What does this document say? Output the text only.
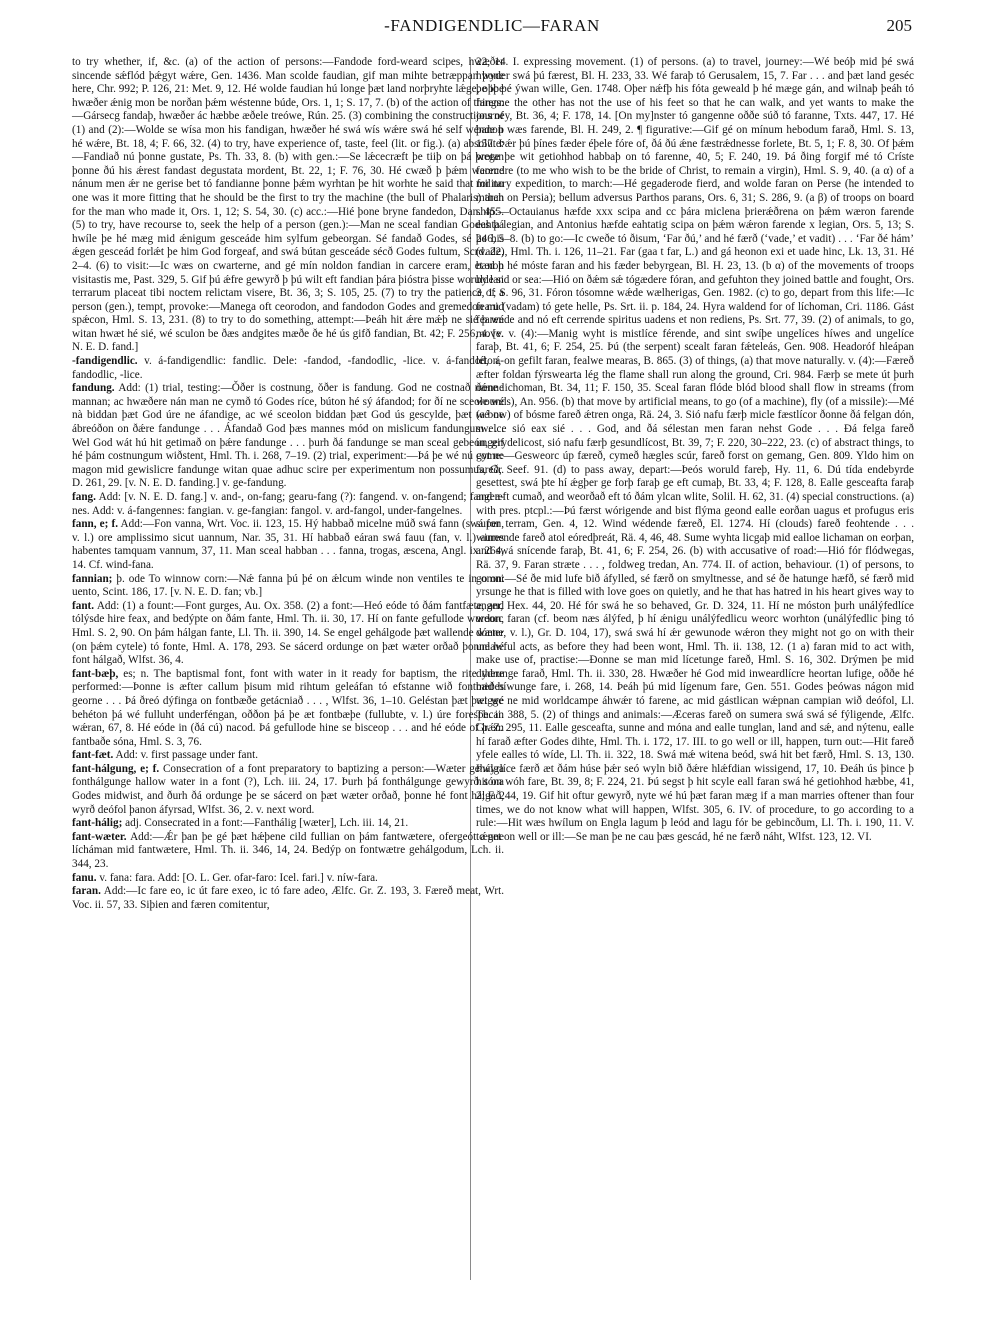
-FANDIGENDLIC—FARAN	205

to try whether, if, &c. (a) of the action of persons:—Fandode ford-weard scipes, hwæðer sincende sǽflód þǽgyt wǽre, Gen. 1436. Man scolde faudian, gif man mihte betræppan þone here, Chr. 992; P. 126, 21: Met. 9, 12. Hé wolde faudian hú longe þæt land norþryhte lǽge, oþþe hwæðer ǽnig mon be norðan þǽm wéstenne búde, Ors. 1, 1; S. 17, 7. (b) of the action of things:—Gársecg fandaþ, hwæðer ác hæbbe æðele treówe, Rún. 25. (3) combining the constructions of (1) and (2):—Wolde se wísa mon his fandigan, hwæðer hé swá wís wǽre swá hé self wénde þ hé wǽre, Bt. 18, 4; F. 66, 32. (4) to try, have experience of, taste, feel (lit. or fig.). (a) absolute:—Fandiað nú þonne gustate, Ps. Th. 33, 8. (b) with gen.:—Se lǽcecræft þe tiiþ on þá þrotan þonne ðú his ǽrest fandast degustata mordent, Bt. 22, 1; F. 76, 30. Hé cwæð þ þǽm weorce nánum men ǽr ne gerise bet tó fandianne þonne þǽm wyrhtan þe hit worhte he said that for no one was it more fitting that he should be the first to try the machine (the bull of Phalaris) than for the man who made it, Ors. 1, 12; S. 54, 30. (c) acc.:—Hié þone bryne fandedon, Dan. 455. (5) to try, have recourse to, seek the help of a person (gen.):—Man ne sceal fandian Godes þá hwíle þe hé mæg mid ǽnigum gesceáde him sylfum gebeorgan. Sé fandað Godes, sé þe his ǽgen gesceád forlǽt þe him God forgeaf, and swá bútan gesceáde sécð Godes fultum, Scrd. 22, 2–4. (6) to visit:—Ic wæs on cwarterne, and gé mín noldon fandian in carcere eram, et non visitastis me, Past. 329, 5. Gif þú ǽfre gewyrð þ þú wilt eft fandian þára þióstra þisse worulde si terrarum placeat tibi noctem relictam visere, Bt. 36, 3; S. 105, 25. (7) to try the patience of a person (gen.), tempt, provoke:—Manega oft ceorodon, and fandodon Godes and gremedon mid spǽcon, Hml. S. 13, 231. (8) to try to do something, attempt:—Þeáh hit ǽre mǽþ ne sié þ wé witan hwæt hé sié, wé sculon be ðæs andgites mæðe ðe hé ús gifð fandian, Bt. 42; F. 256, 4. [v. N. E. D. fand.]

-fandigendlic. v. á-fandigendlic: fandlic. Dele: -fandod, -fandodlic, -lice. v. á-fandod, á-fandodlic, -lice.

fandung. Add: (1) trial, testing:—Ǒðer is costnung, ǒðer is fandung. God ne costnað nǽnne mannan; ac hwæðere nán man ne cymð tó Godes ríce, búton hé sý áfandod; for ðí ne sceole wé nà biddan þæt God úre ne áfandige, ac wé sceolon biddan þæt God ús gescylde, þæt wé ne ábreóðon on ðǽre fandunge . . . Áfandað God þæs mannes mód on mislicum fandungum . . . Wel God wát hú hit getimað on þǽre fandunge . . . þurh ðá fandunge se man sceal gebeón, gif hé þám costnungum wiðstent, Hml. Th. i. 268, 7–19. (2) trial, experiment:—Þá þe wé nú gyt ne magon mid gewislicre fandunge witan quae adhuc scire per experimentum non possumus, Gr. D. 261, 29. [v. N. E. D. fanding.] v. ge-fandung.

fang. Add: [v. N. E. D. fang.] v. and-, on-fang; gearu-fang (?): fangend. v. on-fangend; fangen-nes. Add: v. á-fangennes: fangian. v. ge-fangian: fangol. v. ard-fangol, under-fangelnes.

fann, e; f. Add:—Fon vanna, Wrt. Voc. ii. 123, 15. Hý habbað micelne múð swá fann (swá fon, v. l.) ore amplissimo sicut uannum, Nar. 35, 31. Hí habbað eáran swá fauu (fan, v. l.) aures habentes tamquam vannum, 37, 11. Man sceal habban . . . fanna, trogas, æscena, Angl. ix. 264, 14. Cf. wind-fana.

fannian; þ. ode To winnow corn:—Nǽ fanna þú þé on ǽlcum winde non ventiles te in omni uento, Scint. 186, 17. [v. N. E. D. fan; vb.]

fant. Add: (1) a fount:—Font gurges, Au. Ox. 358. (2) a font:—Heó eóde tó ðám fantfæte, and tólýsde hire feax, and bedýpte on ðám fante, Hml. Th. ii. 30, 17. Hí on fante gefullode wurdon, Hml. S. 2, 90. On þám hálgan fante, Ll. Th. ii. 390, 14. Se engel gehálgode þæt wallende wæter (on þǽm cytele) tó fonte, Hml. A. 178, 293. Se sácerd ordunge on þæt wæter orðað þonne hé font hálgað, Wlfst. 36, 4.

fant-bæþ, es; n. The baptismal font, font with water in it ready for baptism, the rite there performed:—Þonne is æfter callum þisum mid rihtum geleáfan tó efstanne wið fontbæðes georne . . . Þá ðreó dýfinga on fontbæðe getácniað . . . , Wlfst. 36, 1–10. Geléstan þæt þæt wé behéton þá wé fulluht underféngan, oððon þá þe æt fontbæþe (fullubte, v. l.) úre forespecan wǽran, 67, 8. Hé eóde in (ðá cú) nacod. Þá gefullode hine se bisceop . . . and hé eóde of þǽm fantbaðe sóna, Hml. S. 3, 76.

fant-fæt. Add: v. first passage under fant.

fant-hálgung, e; f. Consecration of a font preparatory to baptizing a person:—Wæter gehálga fonthálgunge hallow water in a font (?), Lch. iii. 24, 17. Þurh þá fonthálgunge gewyrð sóna Godes midwist, and ðurh ðá ordunge þe se sácerd on þæt wæter orðað, þonne hé font hálgað, wyrð deófol þanon áfyrsad, Wlfst. 36, 2. v. next word.

fant-hálig; adj. Consecrated in a font:—Fanthálig [wæter], Lch. iii. 14, 21.

fant-wæter. Add:—Ǽr þan þe gé þæt hǽþene cild fullian on þám fantwætere, ofergeót ǽnne lícháman mid fantwætere, Hml. Th. ii. 346, 14, 24. Bedýp on fontwætre gehálgodum, Lch. ii. 344, 23.

fanu. v. fana: fara. Add: [O. L. Ger. ofar-faro: Icel. fari.] v. níw-fara.

faran. Add:—Ic fare eo, ic út fare exeo, ic tó fare adeo, Ælfc. Gr. Z. 193, 3. Færeð meat, Wrt. Voc. ii. 57, 33. Siþien and færen comitentur,

22, 14. I. expressing movement. (1) of persons. (a) to travel, journey:—Wé beóþ mid þé swá hwyder swá þú færest, Bl. H. 233, 33. Wé faraþ tó Gerusalem, 15, 7. Far . . . and þæt land geséc þe ic þé ýwan wille, Gen. 1748. Oþer nǽfþ his fóta geweald þ hé mæge gán, and wilnaþ þeáh tó farenne the other has not the use of his feet so that he can walk, and yet wants to make the journey, Bt. 36, 4; F. 178, 14. [On my]nster tó gangenne oððe súð tó faranne, Txts. 447, 17. Hé þanon wæs farende, Bl. H. 249, 2. ¶ figurative:—Gif gé on mínum hebodum farað, Hml. S. 13, 157. Þǽr þú þínes fæder éþele fóre of, ðá ðú ǽne fæstrǽdnesse forlete, Bt. 5, 1; F. 8, 30. Of þǽm wege þe wit getiohhod habbaþ on tó farenne, 40, 5; F. 240, 19. Þá ðing forgif mé tó Críste farendre (to me who wish to be the bride of Christ, to remain a virgin), Hml. S. 9, 40. (a α) of a military expedition, to march:—Hé gegaderode fierd, and wolde faran on Perse (he intended to march on Persia); bellum adversus Parthos parans, Ors. 6, 31; S. 286, 9. (a β) of troops on board ship:—Octauianus hæfde xxx scipa and cc þára miclena þrierǽðrena on þǽm wæron farende eahta legian, and Antonius hæfde eahtatig scipa on þǽm wǽron farende x legian, Ors. 5, 13; S. 246, 5–8. (b) to go:—Ic cweðe tó ðisum, ‘Far ðú,’ and hé færð (‘vade,’ et vadit) . . . ‘Far ðé hám’ (vade), Hml. Th. i. 126, 11–21. Far (gaa t far, L.) and gá heonon exi et uade hinc, Lk. 13, 31. Hé bæd þ hé móste faran and his fæder bebyrgean, Bl. H. 23, 13. (b α) of the movements of troops by land or sea:—Hió on ðǽm sǽ tógædere fóran, and gefuhton they joined battle and fought, Ors. 3, 1; S. 96, 31. Fóron tósomne wǽde wælherigas, Gen. 1982. (c) to go, depart from this life:—Ic fearu (vadam) tó gete helle, Ps. Srt. ii. p. 184, 24. Hyra waldend for of líchoman, Cri. 1186. Gást fearende and nó eft cerrende spiritus uadens et non rediens, Ps. Srt. 77, 39. (2) of animals, to go, move. v. (4):—Manig wyht is mistlíce férende, and sint swíþe ungelíces híwes and ungelíce faraþ, Bt. 41, 6; F. 254, 25. Þú (the serpent) scealt faran fǽteleás, Gen. 908. Headoróf hleápan léton, on gefilt faran, fealwe mearas, B. 865. (3) of things, (a) that move naturally. v. (4):—Færeð æfter foldan fýrswearta lég the flame shall run along the ground, Cri. 984. Færþ se mete út þurh ðone lichoman, Bt. 34, 11; F. 150, 35. Sceal faran flóde blód blood shall flow in streams (from wounds), An. 956. (b) that move by artificial means, to go (of a machine), fly (of a missile):—Mé (a bow) of bósme fareð ǽtren onga, Rä. 24, 3. Sió nafu færþ micle fæstlícor ðonne ðá felgan dón, swelce sió eax sié . . . God, and ðá sélestan men faran nehst Gode . . . Ðá felga fareð ungerydelicost, sió nafu færþ gesundlícost, Bt. 39, 7; F. 220, 30–222, 23. (c) of abstract things, to come:—Gesweorc úp færeð, cymeð hægles scúr, fareð forst on gemang, Gen. 809. Yldo him on fareð, Seef. 91. (d) to pass away, depart:—Þeós woruld fareþ, Hy. 11, 6. Dú tída endebyrde gesettest, swá þte hí ǽgþer ge forþ faraþ ge eft cumaþ, Bt. 33, 4; F. 128, 8. Ealle gesceafta faraþ and æft cumað, and weorðað eft tó ðám ylcan wlite, Solil. H. 62, 31. (4) special constructions. (a) with pres. ptcpl.:—Þú færst wórigende and bist flýma geond ealle eorðan uagus et profugus eris super terram, Gen. 4, 12. Wind wédende færeð, El. 1274. Hí (clouds) fareð feohtende . . . winnende fareð atol eóredþreát, Rä. 4, 46, 48. Sume wyhta licgaþ mid ealloe lichaman on eorþan, and swá snícende faraþ, Bt. 41, 6; F. 254, 26. (b) with accusative of road:—Hió fór flódwegas, Rä. 37, 9. Faran stræte . . . , foldweg tredan, An. 774. II. of action, behaviour. (1) of persons, to go on:—Sé ðe mid lufe bið áfylled, sé færð on smyltnesse, and sé ðe hatunge hæfð, sé færð mid yrsunge he that is filled with love goes on quietly, and he that has hatred in his heart gives way to anger, Hex. 44, 20. Hé fór swá he so behaved, Gr. D. 324, 11. Hí ne móston þurh unálýfedlíce weorc faran (cf. beom næs álýfed, þ hí ǽnigu unálýfedlicu weorc worhton (unálýfedlic þing tó dónne, v. l.), Gr. D. 104, 17), swá swá hí ǽr gewunode wǽron they might not go on with their unlawful acts, as before they had been wont, Hml. Th. ii. 138, 12. (1 a) faran mid to act with, make use of, practise:—Ðonne se man mid lícetunge fareð, Hml. S. 16, 302. Drýmen þe mid dydrunge farað, Hml. Th. ii. 330, 28. Hwæðer hé God mid inweardlícre heortan lufige, oððe hé mid híwunge fare, i. 268, 14. Þeáh þú mid lígenum fare, Gen. 551. Godes þeówas nágon mid wigge ne mid worldcampe áhwǽr tó farene, ac mid gástlican wǽpnan campian wið deófol, Ll. Th. ii. 388, 5. (2) of things and animals:—Æceras fareð on sumera swá swá sé fýligende, Ælfc. Gr. Z. 295, 11. Ealle gesceafta, sunne and móna and ealle tunglan, land and sǽ, and nýtenu, ealle hí farað æfter Godes dihte, Hml. Th. i. 172, 17. III. to go well or ill, happen, turn out:—Hit fareð yfele ealles tó wíde, Ll. Th. ii. 322, 18. Swá mǽ witena beód, swá hit bet færð, Hml. S. 13, 130. Þwyrlíce færð æt ðám húse þǽr seó wyln bið ðǽre hlǽfdian wissigend, 17, 10. Ðeáh ús þince þ hit on wóh fare, Bt. 39, 8; F. 224, 21. Þú segst þ hit scyle eall faran swá hé getiohhod hæbbe, 41, 2; F. 244, 19. Gif hit oftur gewyrð, nyte wé hú þæt faran mæg if a man marries oftener than four times, we do not know what will happen, Wlfst. 305, 6. IV. of procedure, to go according to a rule:—Hit wæs hwílum on Engla lagum þ leód and lagu fór be gebincðum, Ll. Th. i. 190, 11. V. to get on well or ill:—Se man þe ne cau þæs gescád, hé ne færð náht, Wlfst. 123, 12. VI.
